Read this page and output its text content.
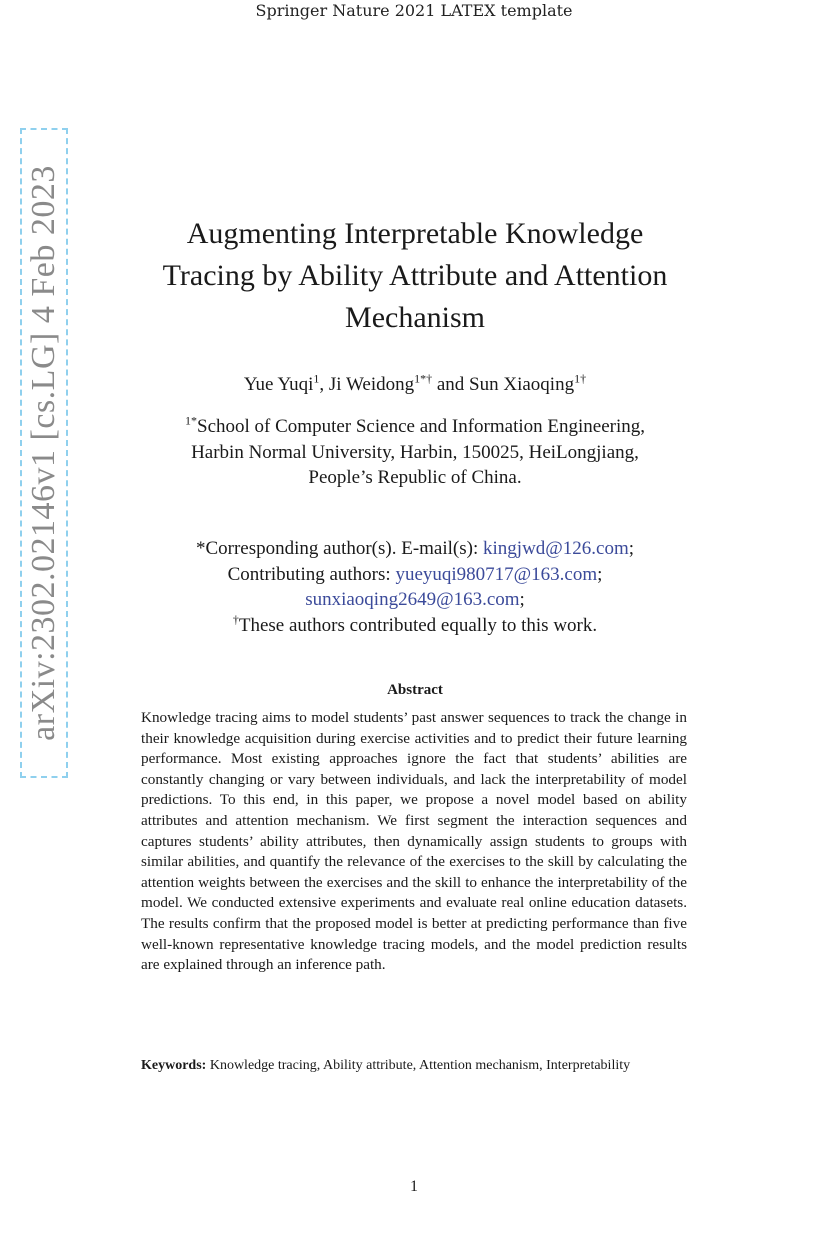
Springer Nature 2021 LATEX template
arXiv:2302.02146v1 [cs.LG] 4 Feb 2023	Augmenting Interpretable Knowledge
Tracing by Ability Attribute and Attention
Mechanism
Yue Yuqi$^1$, Ji Weidong$^{1*\dagger}$ and Sun Xiaoqing$^{1\dagger}$
$^{1*}$School of Computer Science and Information Engineering,
Harbin Normal University, Harbin, 150025, HeiLongjiang,
People’s Republic of China.
*Corresponding author(s). E-mail(s): kingjwd@126.com;
Contributing authors: yueyuqi980717@163.com;
sunxiaoqing2649@163.com;
†These authors contributed equally to this work.
Abstract
Knowledge tracing aims to model students’ past answer sequences to track the change in their knowledge acquisition during exercise activities and to predict their future learning performance. Most existing approaches ignore the fact that students’ abilities are constantly changing or vary between individuals, and lack the interpretability of model predictions. To this end, in this paper, we propose a novel model based on ability attributes and attention mechanism. We first segment the interaction sequences and captures students’ ability attributes, then dynamically assign students to groups with similar abilities, and quantify the relevance of the exercises to the skill by calculating the attention weights between the exercises and the skill to enhance the interpretability of the model. We conducted extensive experiments and evaluate real online education datasets. The results confirm that the proposed model is better at predicting performance than five well-known representative knowledge tracing models, and the model prediction results are explained through an inference path.
Keywords: Knowledge tracing, Ability attribute, Attention mechanism, Interpretability
1
